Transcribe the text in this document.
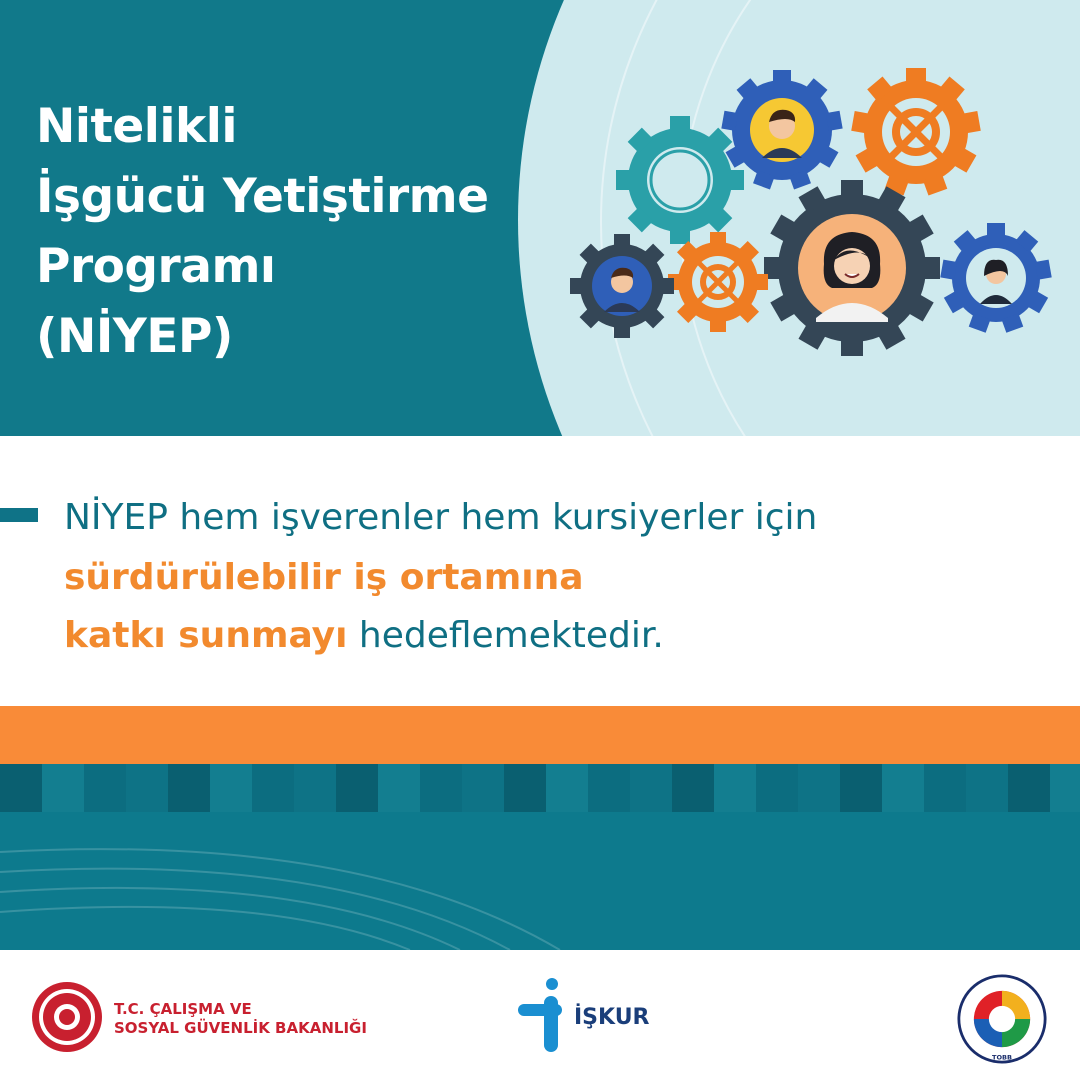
Nitelikli
İşgücü Yetiştirme
Programı
(NİYEP)
NİYEP hem işverenler hem kursiyerler için
sürdürülebilir iş ortamına
katkı sunmayı hedeflemektedir.
T.C. ÇALIŞMA VE
SOSYAL GÜVENLİK BAKANLIĞI	İŞKUR
TOBB
